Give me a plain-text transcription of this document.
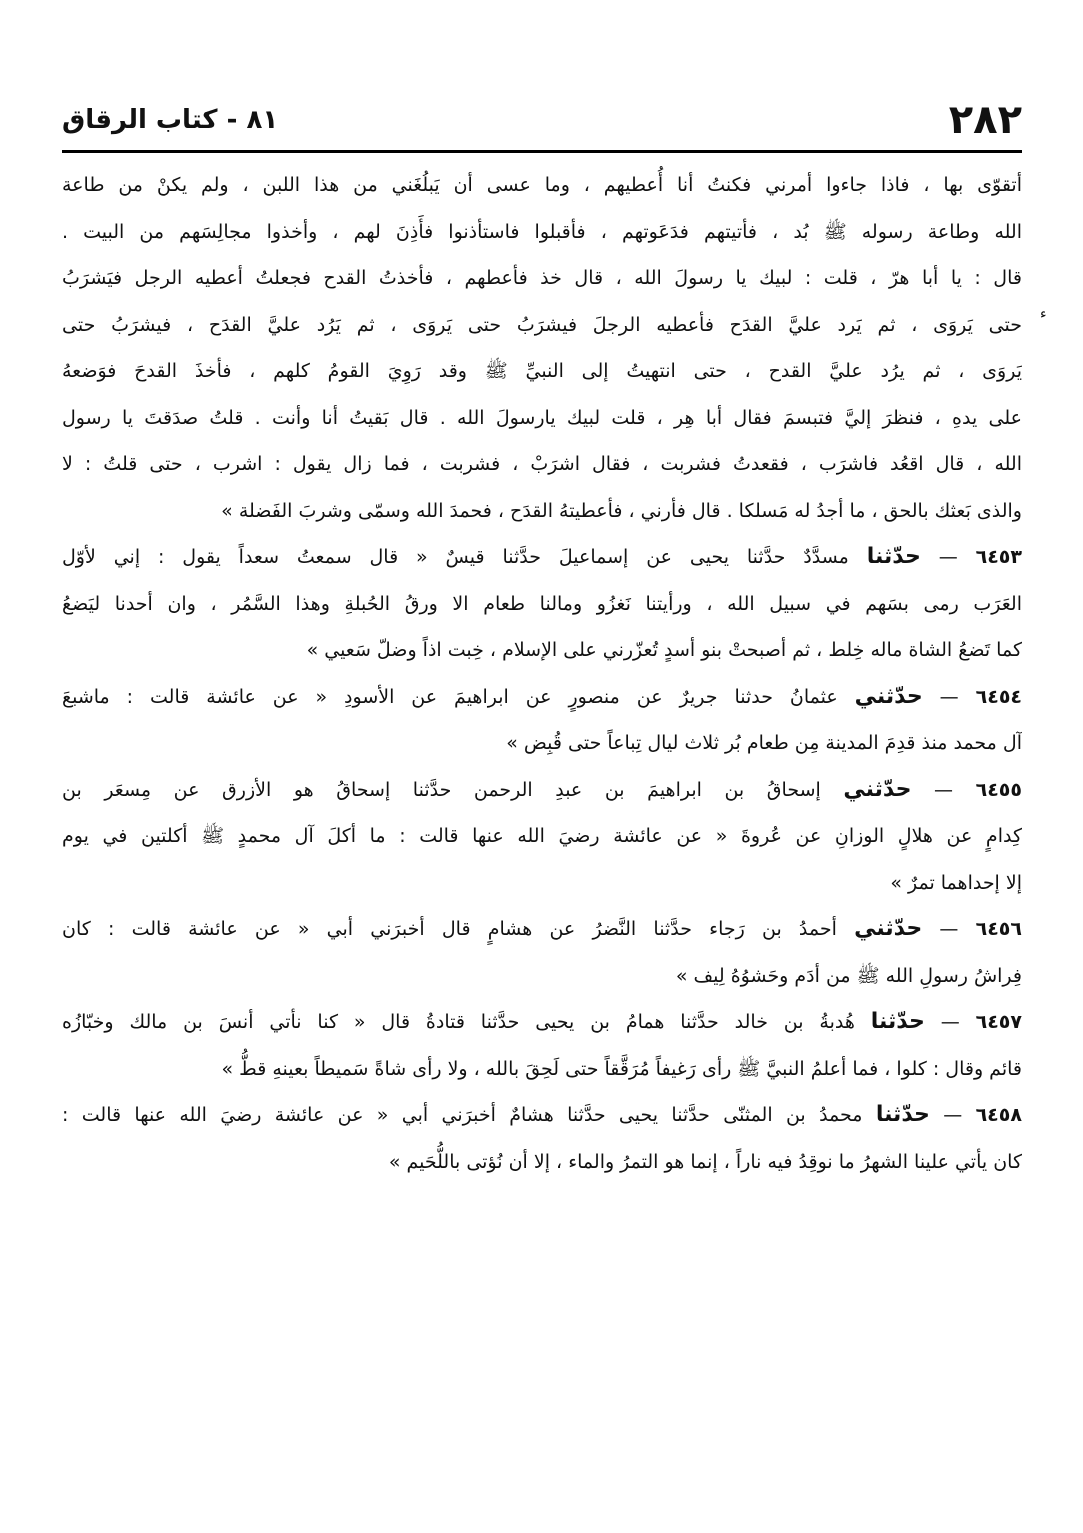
٢٨٢
٨١ - كتاب الرقاق
ء
أتقوّى بها ، فاذا جاءوا أمرني فكنتُ أنا أُعطيهم ، وما عسى أن يَبلُغَني من هذا اللبن ، ولم يكنْ من طاعة
الله وطاعة رسوله ﷺ بُد ، فأتيتهم فدَعَوتهم ، فأقبلوا فاستأذنوا فأَذِنَ لهم ، وأخذوا مجالِسَهم من البيت .
قال : يا أبا هرّ ، قلت : لبيك يا رسولَ الله ، قال خذ فأعطهم ، فأخذتُ القدح فجعلتُ أعطيه الرجل فيَشرَبُ
حتى يَروَى ، ثم يَرد عليَّ القدَح فأعطيه الرجلَ فيشرَبُ حتى يَروَى ، ثم يَرُد عليَّ القدَح ، فيشرَبُ حتى
يَروَى ، ثم يرُد عليَّ القدح ، حتى انتهيتُ إلى النبيِّ ﷺ وقد رَوِيَ القومُ كلهم ، فأخذَ القدحَ فوَضعهُ
على يدهِ ، فنظرَ إليَّ فتبسمَ فقال أبا هِر ، قلت لبيك يارسولَ الله . قال بَقيتُ أنا وأنت . قلتُ صدَقتَ يا رسول
الله ، قال اقعُد فاشرَب ، فقعدتُ فشربت ، فقال اشرَبْ ، فشربت ، فما زال يقول : اشرب ، حتى قلتُ : لا
والذى بَعثك بالحق ، ما أجدُ له مَسلكا . قال فأرني ، فأعطيتهُ القدَح ، فحمدَ الله وسمّى وشربَ الفَضلة »
٦٤٥٣ — حدّثنا مسدَّدٌ حدَّثنا يحيى عن إسماعيلَ حدَّثنا قيسٌ « قال سمعتُ سعداً يقول : إني لأوّل
العَرَب رمى بسَهم في سبيل الله ، ورأيتنا نَغزُو ومالنا طعام الا ورقُ الحُبلةِ وهذا السَّمُر ، وان أحدنا ليَضعُ
كما تَضعُ الشاة ماله خِلط ، ثم أصبحتْ بنو أسدٍ تُعزّرني على الإسلام ، خِبت اذاً وضلّ سَعيي »
٦٤٥٤ — حدّثني عثمانُ حدثنا جريرٌ عن منصورٍ عن ابراهيمَ عن الأسودِ « عن عائشة قالت : ماشبعَ
آل محمد منذ قدِمَ المدينة مِن طعام بُر ثلاث ليال تِباعاً حتى قُبِض »
٦٤٥٥ — حدّثني إسحاقُ بن ابراهيمَ بن عبدِ الرحمن حدَّثنا إسحاقُ هو الأزرق عن مِسعَر بن
كِدامٍ عن هلالٍ الوزانِ عن عُروةَ « عن عائشة رضيَ الله عنها قالت : ما أكلَ آل محمدٍ ﷺ أكلتين في يوم
إلا إحداهما تمرٌ »
٦٤٥٦ — حدّثني أحمدُ بن رَجاء حدَّثنا النَّضرُ عن هشامٍ قال أخبرَني أبي « عن عائشة قالت : كان
فِراشُ رسولِ الله ﷺ من أدَم وحَشوُهُ لِيف »
٦٤٥٧ — حدّثنا هُدبةُ بن خالد حدَّثنا همامُ بن يحيى حدَّثنا قتادةُ قال « كنا نأتي أنسَ بن مالك وخبّازُه
قائم وقال : كلوا ، فما أعلمُ النبيَّ ﷺ رأى رَغيفاً مُرَقَّقاً حتى لَحِقَ بالله ، ولا رأى شاةً سَميطاً بعينهِ قطُّ »
٦٤٥٨ — حدّثنا محمدُ بن المثنّى حدَّثنا يحيى حدَّثنا هشامٌ أخبرَني أبي « عن عائشة رضيَ الله عنها قالت :
كان يأتي علينا الشهرُ ما نوقِدُ فيه ناراً ، إنما هو التمرُ والماء ، إلا أن نُؤتى باللُّحَيم »
